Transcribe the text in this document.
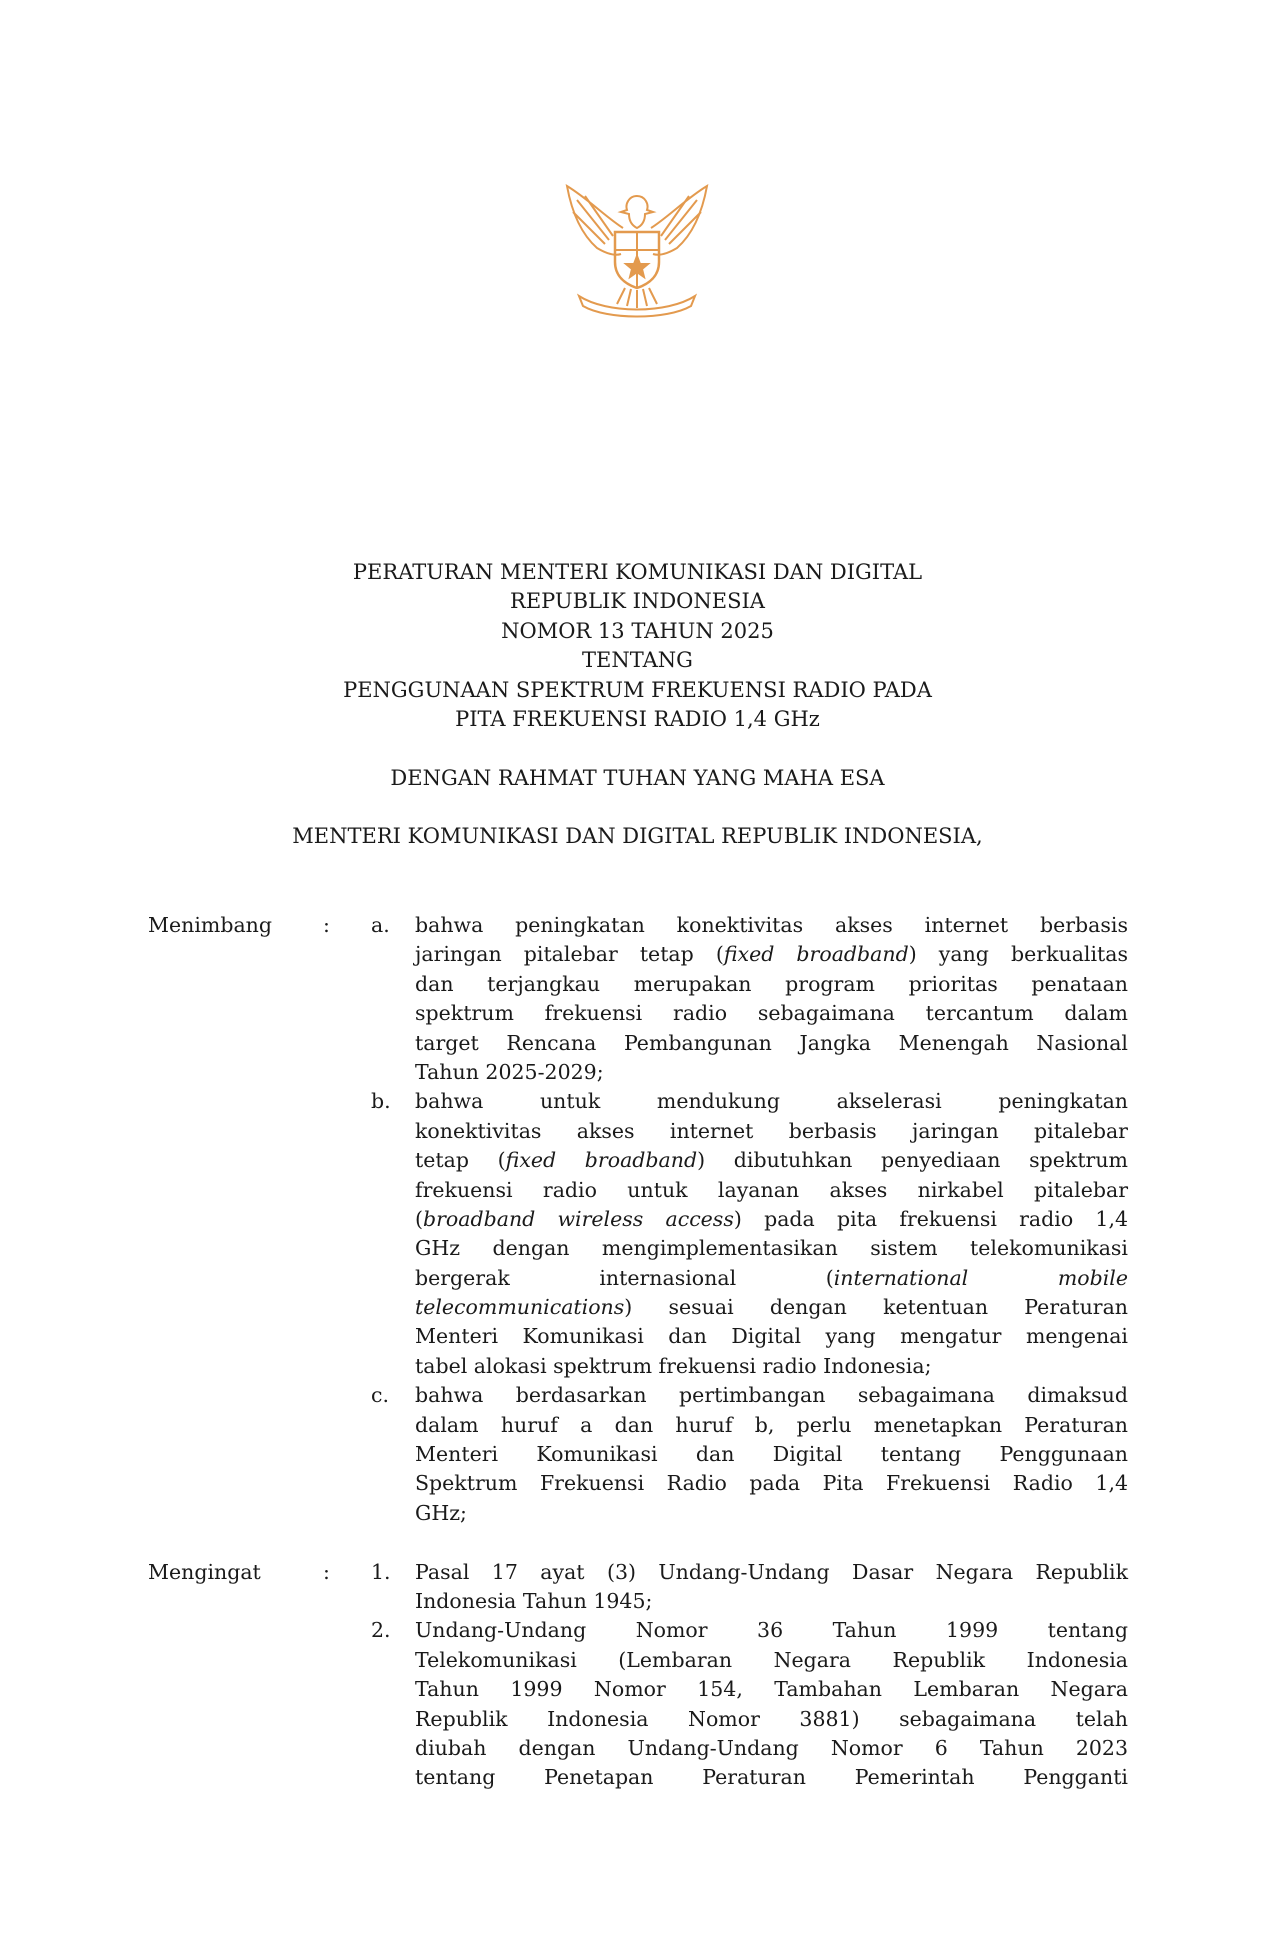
PERATURAN MENTERI KOMUNIKASI DAN DIGITAL
REPUBLIK INDONESIA
NOMOR 13 TAHUN 2025
TENTANG
PENGGUNAAN SPEKTRUM FREKUENSI RADIO PADA
PITA FREKUENSI RADIO 1,4 GHz
DENGAN RAHMAT TUHAN YANG MAHA ESA
MENTERI KOMUNIKASI DAN DIGITAL REPUBLIK INDONESIA,
Menimbang	:	a.	bahwa peningkatan konektivitas akses internet berbasis
jaringan pitalebar tetap (fixed broadband) yang berkualitas
dan terjangkau merupakan program prioritas penataan
spektrum frekuensi radio sebagaimana tercantum dalam
target Rencana Pembangunan Jangka Menengah Nasional
Tahun 2025-2029;
b.	bahwa untuk mendukung akselerasi peningkatan
konektivitas akses internet berbasis jaringan pitalebar
tetap (fixed broadband) dibutuhkan penyediaan spektrum
frekuensi radio untuk layanan akses nirkabel pitalebar
(broadband wireless access) pada pita frekuensi radio 1,4
GHz dengan mengimplementasikan sistem telekomunikasi
bergerak internasional (international mobile
telecommunications) sesuai dengan ketentuan Peraturan
Menteri Komunikasi dan Digital yang mengatur mengenai
tabel alokasi spektrum frekuensi radio Indonesia;
c.	bahwa berdasarkan pertimbangan sebagaimana dimaksud
dalam huruf a dan huruf b, perlu menetapkan Peraturan
Menteri Komunikasi dan Digital tentang Penggunaan
Spektrum Frekuensi Radio pada Pita Frekuensi Radio 1,4
GHz;
Mengingat	:	1.	Pasal 17 ayat (3) Undang-Undang Dasar Negara Republik
Indonesia Tahun 1945;
2.	Undang-Undang Nomor 36 Tahun 1999 tentang
Telekomunikasi (Lembaran Negara Republik Indonesia
Tahun 1999 Nomor 154, Tambahan Lembaran Negara
Republik Indonesia Nomor 3881) sebagaimana telah
diubah dengan Undang-Undang Nomor 6 Tahun 2023
tentang Penetapan Peraturan Pemerintah Pengganti
